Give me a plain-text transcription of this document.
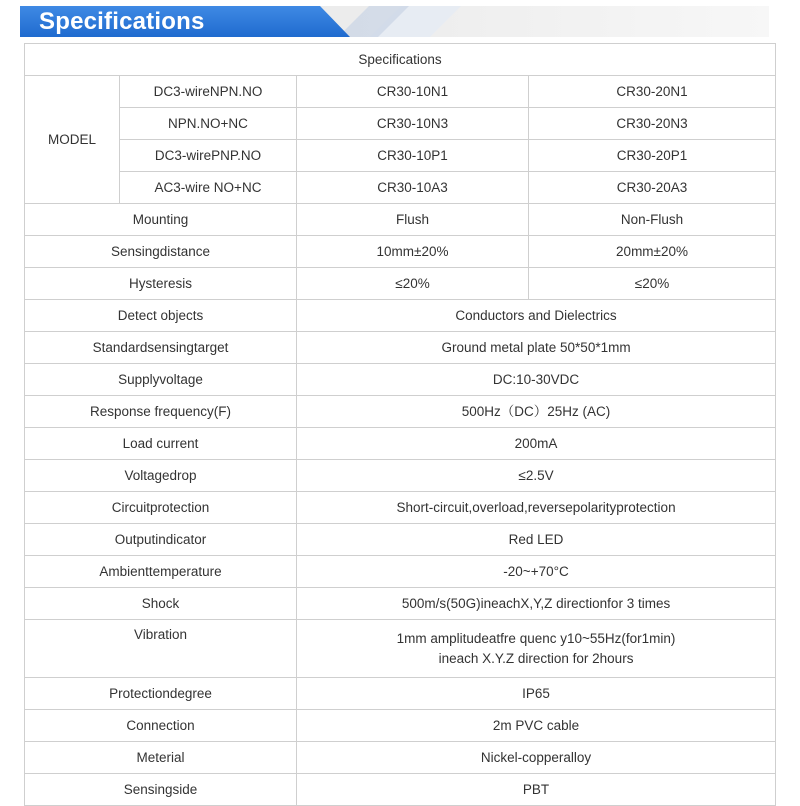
Specifications
Specifications			
MODEL	DC3-wireNPN.NO	CR30-10N1	CR30-20N1
	NPN.NO+NC	CR30-10N3	CR30-20N3
	DC3-wirePNP.NO	CR30-10P1	CR30-20P1
	AC3-wire NO+NC	CR30-10A3	CR30-20A3
Mounting		Flush	Non-Flush
Sensingdistance		10mm±20%	20mm±20%
Hysteresis		≤20%	≤20%
Detect objects		Conductors and Dielectrics	
Standardsensingtarget		Ground metal plate 50*50*1mm	
Supplyvoltage		DC:10-30VDC	
Response frequency(F)		500Hz（DC）25Hz (AC)	
Load current		200mA	
Voltagedrop		≤2.5V	
Circuitprotection		Short-circuit,overload,reversepolarityprotection	
Outputindicator		Red LED	
Ambienttemperature		-20~+70°C	
Shock		500m/s(50G)ineachX,Y,Z directionfor 3 times	
Vibration		1mm amplitudeatfre quenc y10~55Hz(for1min)
ineach X.Y.Z direction for 2hours	

Protectiondegree		IP65	
Connection		2m PVC cable	
Meterial		Nickel-copperalloy	
Sensingside		PBT	
